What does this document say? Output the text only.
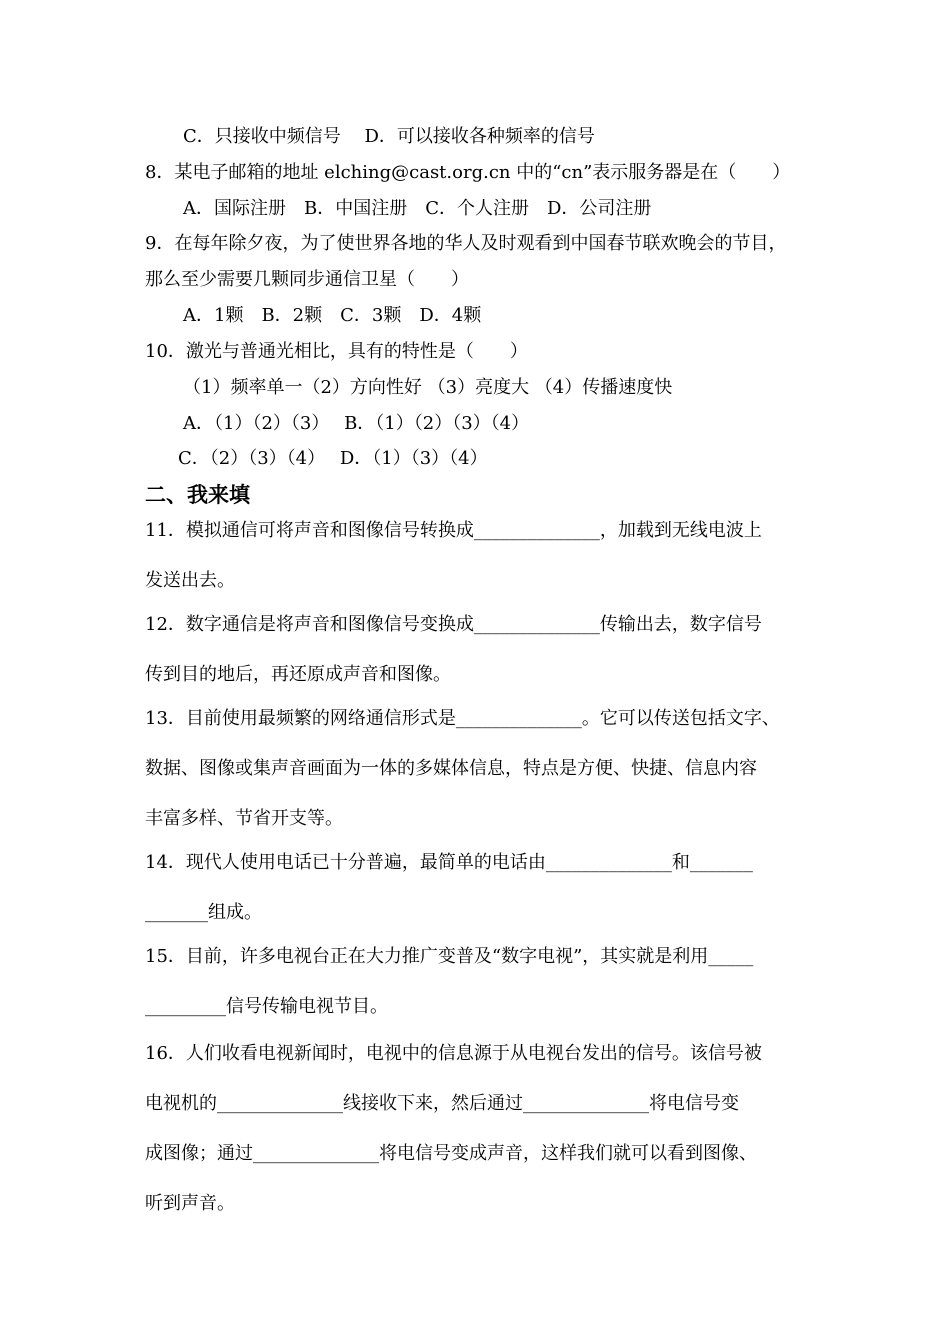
C．只接收中频信号　 D．可以接收各种频率的信号
8．某电子邮箱的地址 elching@cast.org.cn 中的“cn”表示服务器是在（　　）
A．国际注册　B．中国注册　C．个人注册　D．公司注册
9．在每年除夕夜，为了使世界各地的华人及时观看到中国春节联欢晚会的节目，
那么至少需要几颗同步通信卫星（　　）
A．1颗　B．2颗　C．3颗　D．4颗
10．激光与普通光相比，具有的特性是（　　）
（1）频率单一（2）方向性好 （3）亮度大 （4）传播速度快
A．（1）（2）（3）　 B．（1）（2）（3）（4）
C．（2）（3）（4）　 D．（1）（3）（4）
二、我来填
11．模拟通信可将声音和图像信号转换成______________，加载到无线电波上
发送出去。
12．数字通信是将声音和图像信号变换成______________传输出去，数字信号
传到目的地后，再还原成声音和图像。
13．目前使用最频繁的网络通信形式是______________。它可以传送包括文字、
数据、图像或集声音画面为一体的多媒体信息，特点是方便、快捷、信息内容
丰富多样、节省开支等。
14．现代人使用电话已十分普遍，最简单的电话由______________和_______
_______组成。
15．目前，许多电视台正在大力推广变普及“数字电视”，其实就是利用_____
_________信号传输电视节目。
16．人们收看电视新闻时，电视中的信息源于从电视台发出的信号。该信号被
电视机的______________线接收下来，然后通过______________将电信号变
成图像；通过______________将电信号变成声音，这样我们就可以看到图像、
听到声音。
